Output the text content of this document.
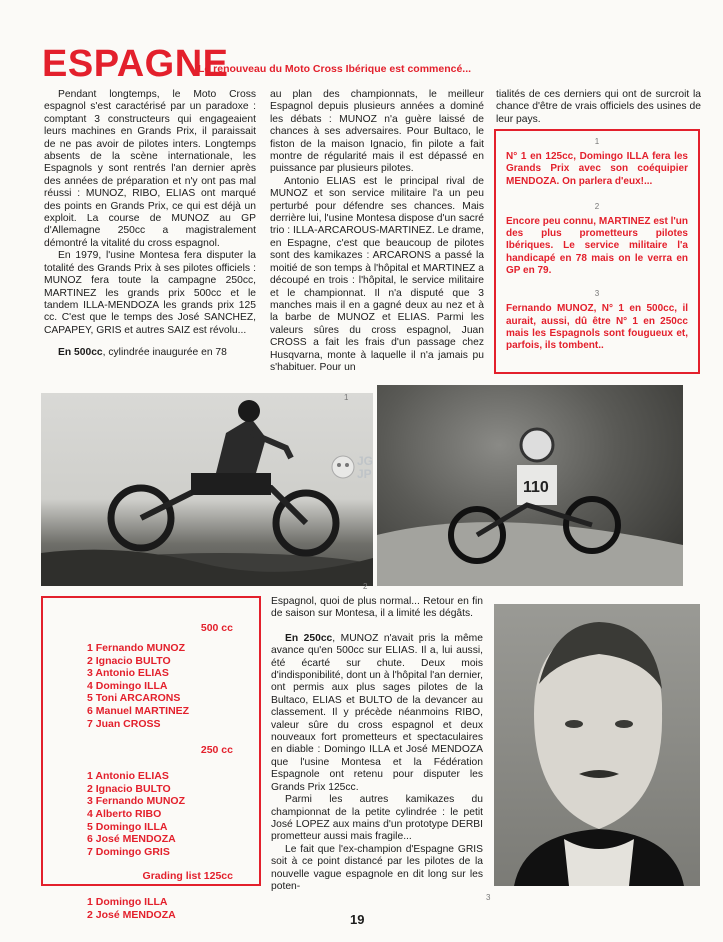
ESPAGNE
Le renouveau du Moto Cross Ibérique est commencé...

Pendant longtemps, le Moto Cross espagnol s'est caractérisé par un paradoxe : comptant 3 constructeurs qui engageaient leurs machines en Grands Prix, il paraissait de ne pas avoir de pilotes inters. Longtemps absents de la scène internationale, les Espagnols y sont rentrés l'an dernier après des années de préparation et n'y ont pas mal réussi : MUNOZ, RIBO, ELIAS ont marqué des points en Grands Prix, ce qui est déjà un exploit. La course de MUNOZ au GP d'Allemagne 250cc a magistralement démontré la vitalité du cross espagnol.

En 1979, l'usine Montesa fera disputer la totalité des Grands Prix à ses pilotes officiels : MUNOZ fera toute la campagne 250cc, MARTINEZ les grands prix 500cc et le tandem ILLA-MENDOZA les grands prix 125 cc. C'est que le temps des José SANCHEZ, CAPAPEY, GRIS et autres SAIZ est révolu...

En 500cc, cylindrée inaugurée en 78

au plan des championnats, le meilleur Espagnol depuis plusieurs années a dominé les débats : MUNOZ n'a guère laissé de chances à ses adversaires. Pour Bultaco, le fiston de la maison Ignacio, fin pilote a fait montre de régularité mais il est dépassé en puissance par plusieurs pilotes.

Antonio ELIAS est le principal rival de MUNOZ et son service militaire l'a un peu perturbé pour défendre ses chances. Mais derrière lui, l'usine Montesa dispose d'un sacré trio : ILLA-ARCAROUS-MARTINEZ. Le drame, en Espagne, c'est que beaucoup de pilotes sont des kamikazes : ARCARONS a passé la moitié de son temps à l'hôpital et MARTINEZ a découpé en trois : l'hôpital, le service militaire et le championnat. Il n'a disputé que 3 manches mais il en a gagné deux au nez et à la barbe de MUNOZ et ELIAS. Parmi les valeurs sûres du cross espagnol, Juan CROSS a fait les frais d'un passage chez Husqvarna, monte à laquelle il n'a jamais pu s'habituer. Pour un

tialités de ces derniers qui ont de surcroit la chance d'être de vrais officiels des usines de leur pays.

1
N° 1 en 125cc, Domingo ILLA fera les Grands Prix avec son coéquipier MENDOZA. On parlera d'eux!...
2
Encore peu connu, MARTINEZ est l'un des plus prometteurs pilotes Ibériques. Le service militaire l'a handicapé en 78 mais on le verra en GP en 79.
3
Fernando MUNOZ, N° 1 en 500cc, il aurait, aussi, dû être N° 1 en 250cc mais les Espagnols sont fougueux et, parfois, ils tombent..
1
JG JP
110
2

500 cc

1 Fernando MUNOZ
2 Ignacio BULTO
3 Antonio ELIAS
4 Domingo ILLA
5 Toni ARCARONS
6 Manuel MARTINEZ
7 Juan CROSS

250 cc

1 Antonio ELIAS
2 Ignacio BULTO
3 Fernando MUNOZ
4 Alberto RIBO
5 Domingo ILLA
6 José MENDOZA
7 Domingo GRIS

Grading list 125cc

1 Domingo ILLA
2 José MENDOZA

Espagnol, quoi de plus normal... Retour en fin de saison sur Montesa, il a limité les dégâts.

En 250cc, MUNOZ n'avait pris la même avance qu'en 500cc sur ELIAS. Il a, lui aussi, été écarté sur chute. Deux mois d'indisponibilité, dont un à l'hôpital l'an dernier, ont permis aux plus sages pilotes de la Bultaco, ELIAS et BULTO de la devancer au classement. Il y précède néanmoins RIBO, valeur sûre du cross espagnol et deux nouveaux fort prometteurs et spectaculaires en diable : Domingo ILLA et José MENDOZA que l'usine Montesa et la Fédération Espagnole ont retenu pour disputer les Grands Prix 125cc.

Parmi les autres kamikazes du championnat de la petite cylindrée : le petit José LOPEZ aux mains d'un prototype DERBI prometteur aussi mais fragile...

Le fait que l'ex-champion d'Espagne GRIS soit à ce point distancé par les pilotes de la nouvelle vague espagnole en dit long sur les poten-

3
19
